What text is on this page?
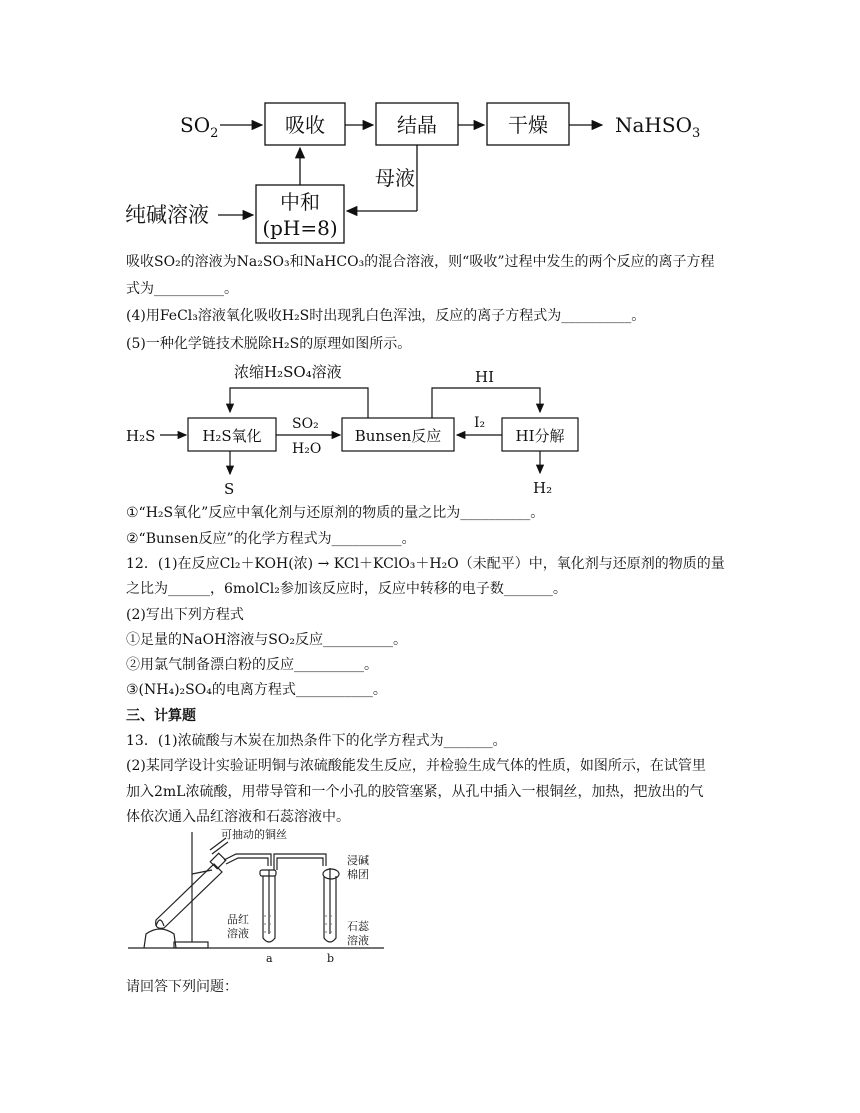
$SO_2$	吸收	结晶	干燥	NaHSO$_3$
母液
中和
(pH=8)
纯碱溶液
吸收SO₂的溶液为Na₂SO₃和NaHCO₃的混合溶液，则“吸收”过程中发生的两个反应的离子方程
式为__________。
(4)用FeCl₃溶液氧化吸收H₂S时出现乳白色浑浊，反应的离子方程式为__________。
(5)一种化学链技术脱除H₂S的原理如图所示。
浓缩H₂SO₄溶液	HI
H₂S	H₂S氧化
SO₂
H₂O
Bunsen反应
I₂
HI分解
S	H₂
①“H₂S氧化”反应中氧化剂与还原剂的物质的量之比为__________。
②“Bunsen反应”的化学方程式为__________。
12．(1)在反应Cl₂＋KOH(浓) → KCl＋KClO₃＋H₂O（未配平）中，氧化剂与还原剂的物质的量
之比为______，6molCl₂参加该反应时，反应中转移的电子数_______。
(2)写出下列方程式
①足量的NaOH溶液与SO₂反应__________。
②用氯气制备漂白粉的反应__________。
③(NH₄)₂SO₄的电离方程式___________。
三、计算题
13．(1)浓硫酸与木炭在加热条件下的化学方程式为_______。
(2)某同学设计实验证明铜与浓硫酸能发生反应，并检验生成气体的性质，如图所示，在试管里
加入2mL浓硫酸，用带导管和一个小孔的胶管塞紧，从孔中插入一根铜丝，加热，把放出的气
体依次通入品红溶液和石蕊溶液中。
可抽动的铜丝
浸碱
棉团
品红
溶液
石蕊
溶液
a	b
请回答下列问题：
